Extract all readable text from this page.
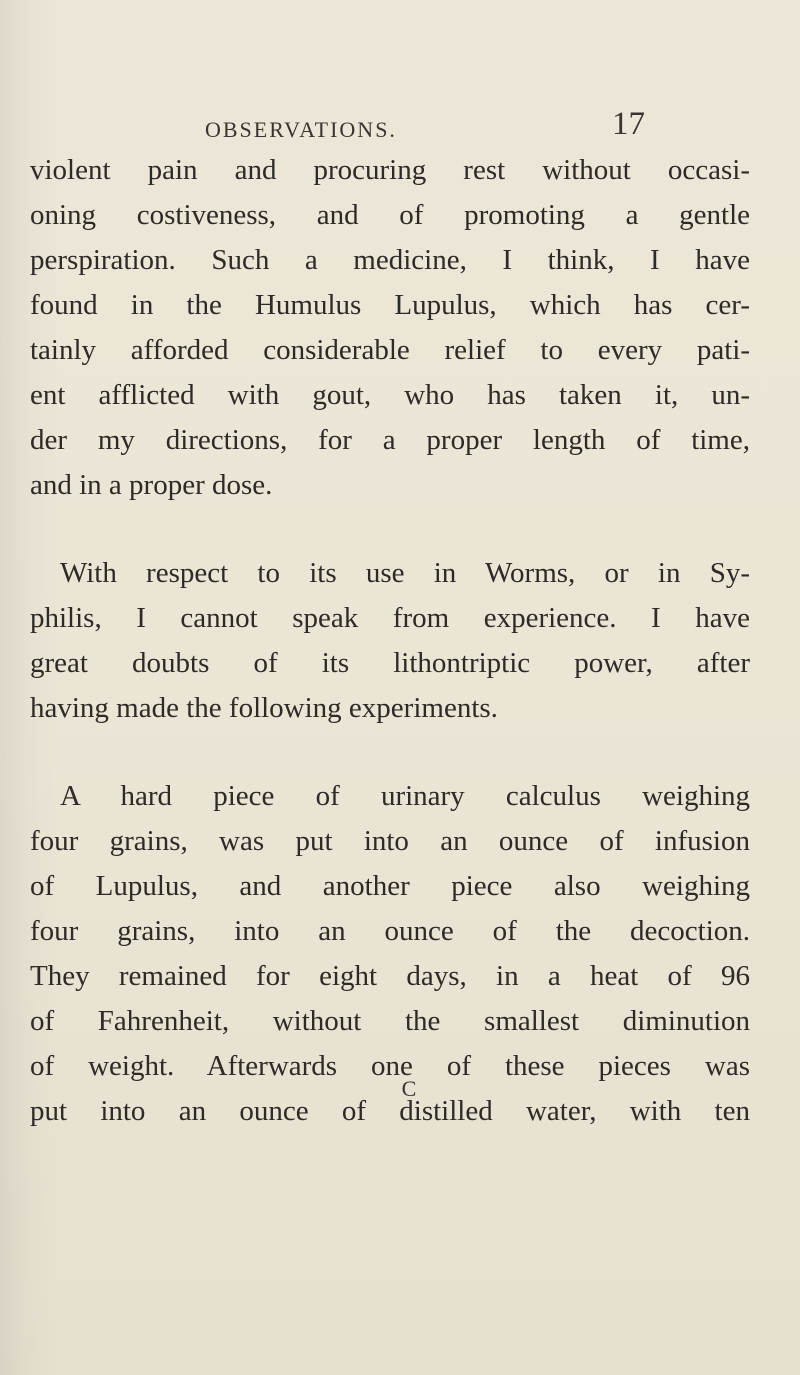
OBSERVATIONS.	17
violent pain and procuring rest without occasi-
oning costiveness, and of promoting a gentle
perspiration. Such a medicine, I think, I have
found in the Humulus Lupulus, which has cer-
tainly afforded considerable relief to every pati-
ent afflicted with gout, who has taken it, un-
der my directions, for a proper length of time,
and in a proper dose.
With respect to its use in Worms, or in Sy-
philis, I cannot speak from experience. I have
great doubts of its lithontriptic power, after
having made the following experiments.
A hard piece of urinary calculus weighing
four grains, was put into an ounce of infusion
of Lupulus, and another piece also weighing
four grains, into an ounce of the decoction.
They remained for eight days, in a heat of 96
of Fahrenheit, without the smallest diminution
of weight. Afterwards one of these pieces was
put into an ounce of distilled water, with ten
C
